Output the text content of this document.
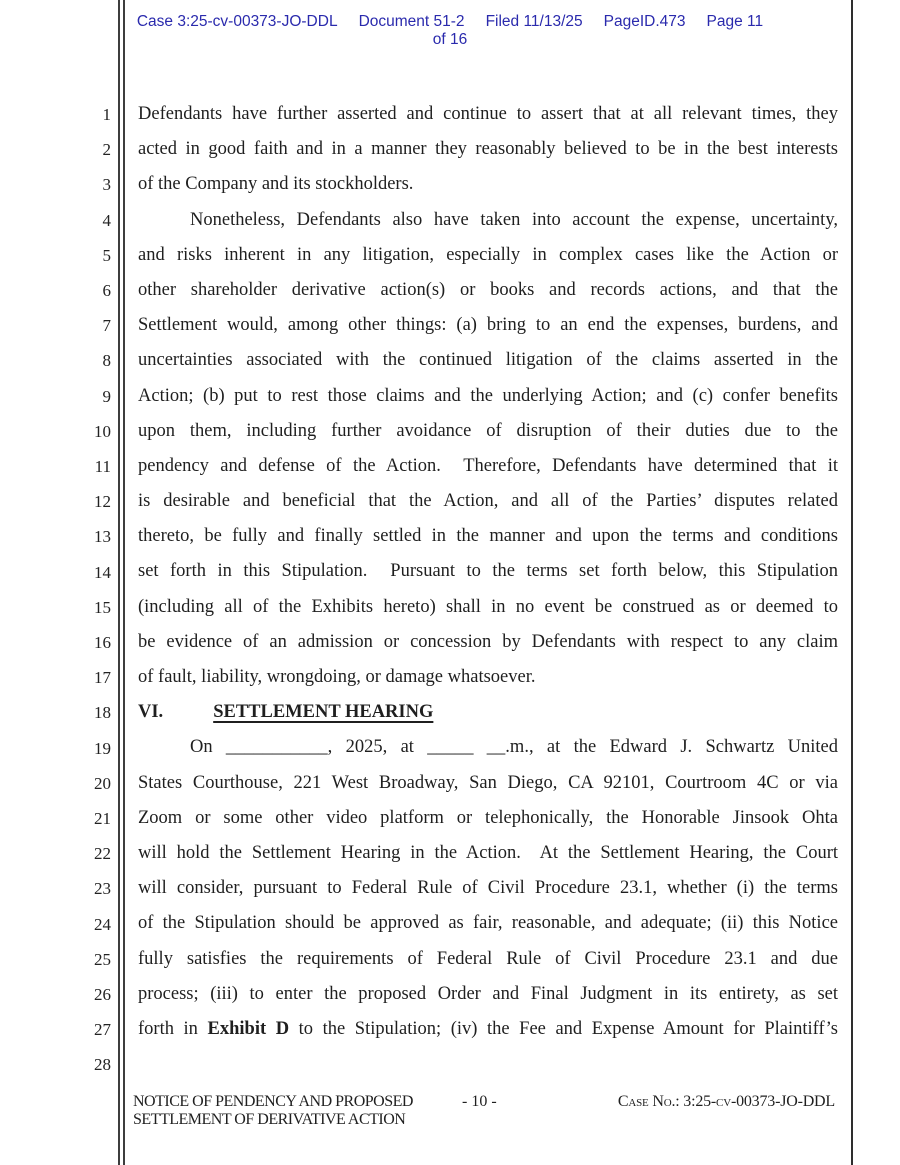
Case 3:25-cv-00373-JO-DDL Document 51-2 Filed 11/13/25 PageID.473 Page 11
of 16
1
2
3
4
5
6
7
8
9
10
11
12
13
14
15
16
17
18
19
20
21
22
23
24
25
26
27
28
Defendants have further asserted and continue to assert that at all relevant times, they
acted in good faith and in a manner they reasonably believed to be in the best interests
of the Company and its stockholders.
Nonetheless, Defendants also have taken into account the expense, uncertainty,
and risks inherent in any litigation, especially in complex cases like the Action or
other shareholder derivative action(s) or books and records actions, and that the
Settlement would, among other things: (a) bring to an end the expenses, burdens, and
uncertainties associated with the continued litigation of the claims asserted in the
Action; (b) put to rest those claims and the underlying Action; and (c) confer benefits
upon them, including further avoidance of disruption of their duties due to the
pendency and defense of the Action.  Therefore, Defendants have determined that it
is desirable and beneficial that the Action, and all of the Parties’ disputes related
thereto, be fully and finally settled in the manner and upon the terms and conditions
set forth in this Stipulation.  Pursuant to the terms set forth below, this Stipulation
(including all of the Exhibits hereto) shall in no event be construed as or deemed to
be evidence of an admission or concession by Defendants with respect to any claim
of fault, liability, wrongdoing, or damage whatsoever.
VI.	SETTLEMENT HEARING
On ___________, 2025, at _____ __.m., at the Edward J. Schwartz United
States Courthouse, 221 West Broadway, San Diego, CA 92101, Courtroom 4C or via
Zoom or some other video platform or telephonically, the Honorable Jinsook Ohta
will hold the Settlement Hearing in the Action.  At the Settlement Hearing, the Court
will consider, pursuant to Federal Rule of Civil Procedure 23.1, whether (i) the terms
of the Stipulation should be approved as fair, reasonable, and adequate; (ii) this Notice
fully satisfies the requirements of Federal Rule of Civil Procedure 23.1 and due
process; (iii) to enter the proposed Order and Final Judgment in its entirety, as set
forth in Exhibit D to the Stipulation; (iv) the Fee and Expense Amount for Plaintiff’s
NOTICE OF PENDENCY AND PROPOSED
SETTLEMENT OF DERIVATIVE ACTION
- 10 -	Case No.: 3:25-cv-00373-JO-DDL
